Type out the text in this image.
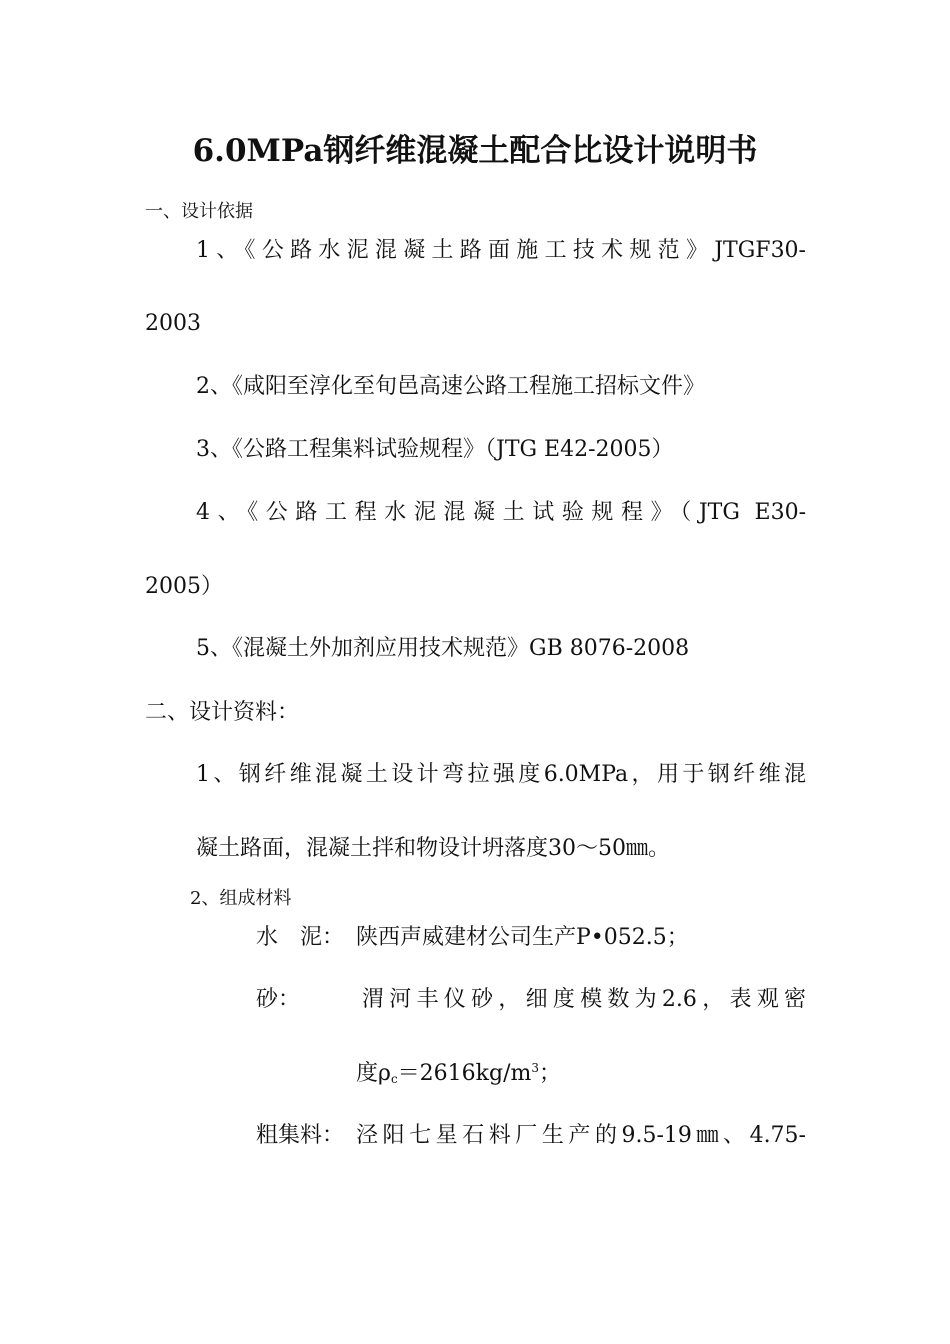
6.0MPa钢纤维混凝土配合比设计说明书
一、设计依据
1、《公路水泥混凝土路面施工技术规范》JTGF30-
2003
2、《咸阳至淳化至旬邑高速公路工程施工招标文件》
3、《公路工程集料试验规程》（JTG E42-2005）
4、《公路工程水泥混凝土试验规程》（JTG E30-
2005）
5、《混凝土外加剂应用技术规范》GB 8076-2008
二、设计资料：
1、钢纤维混凝土设计弯拉强度6.0MPa，用于钢纤维混
凝土路面，混凝土拌和物设计坍落度30～50㎜。
2、组成材料
水　泥： 陕西声威建材公司生产P•052.5；
砂：	渭河丰仪砂，细度模数为2.6，表观密
度$\rho_c=2616kg/m^3$；
粗集料： 泾阳七星石料厂生产的9.5-19㎜、4.75-
